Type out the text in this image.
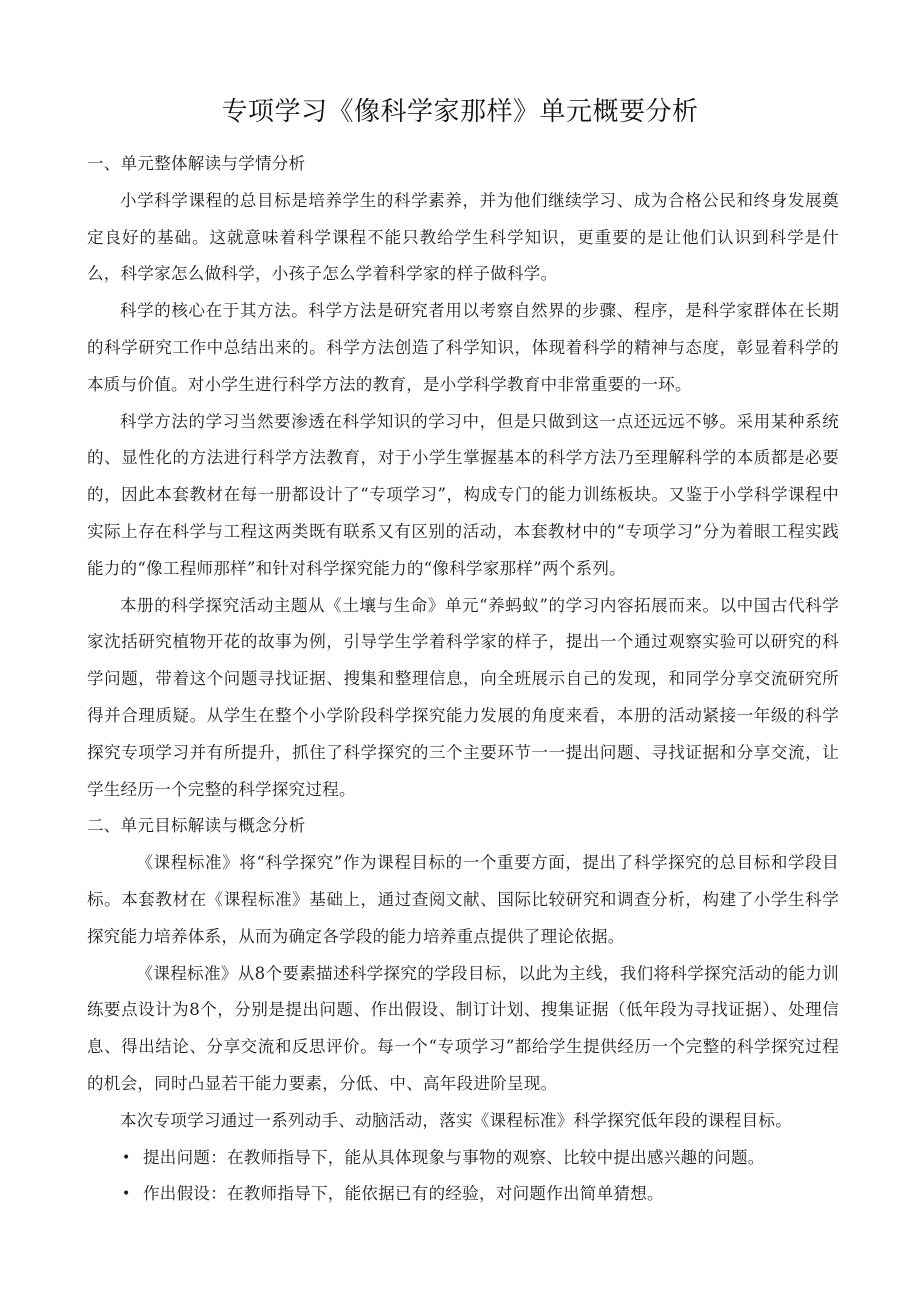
专项学习《像科学家那样》单元概要分析

一、单元整体解读与学情分析

小学科学课程的总目标是培养学生的科学素养，并为他们继续学习、成为合格公民和终身发展奠定良好的基础。这就意味着科学课程不能只教给学生科学知识，更重要的是让他们认识到科学是什么，科学家怎么做科学，小孩子怎么学着科学家的样子做科学。

科学的核心在于其方法。科学方法是研究者用以考察自然界的步骤、程序，是科学家群体在长期的科学研究工作中总结出来的。科学方法创造了科学知识，体现着科学的精神与态度，彰显着科学的本质与价值。对小学生进行科学方法的教育，是小学科学教育中非常重要的一环。

科学方法的学习当然要渗透在科学知识的学习中，但是只做到这一点还远远不够。采用某种系统的、显性化的方法进行科学方法教育，对于小学生掌握基本的科学方法乃至理解科学的本质都是必要的，因此本套教材在每一册都设计了“专项学习”，构成专门的能力训练板块。又鉴于小学科学课程中实际上存在科学与工程这两类既有联系又有区别的活动，本套教材中的“专项学习”分为着眼工程实践能力的“像工程师那样”和针对科学探究能力的“像科学家那样”两个系列。

本册的科学探究活动主题从《土壤与生命》单元“养蚂蚁”的学习内容拓展而来。以中国古代科学家沈括研究植物开花的故事为例，引导学生学着科学家的样子，提出一个通过观察实验可以研究的科学问题，带着这个问题寻找证据、搜集和整理信息，向全班展示自己的发现，和同学分享交流研究所得并合理质疑。从学生在整个小学阶段科学探究能力发展的角度来看，本册的活动紧接一年级的科学探究专项学习并有所提升，抓住了科学探究的三个主要环节一一提出问题、寻找证据和分享交流，让学生经历一个完整的科学探究过程。

二、单元目标解读与概念分析

《课程标准》将“科学探究”作为课程目标的一个重要方面，提出了科学探究的总目标和学段目标。本套教材在《课程标准》基础上，通过查阅文献、国际比较研究和调查分析，构建了小学生科学探究能力培养体系，从而为确定各学段的能力培养重点提供了理论依据。

《课程标准》从8个要素描述科学探究的学段目标，以此为主线，我们将科学探究活动的能力训练要点设计为8个，分别是提出问题、作出假设、制订计划、搜集证据（低年段为寻找证据）、处理信息、得出结论、分享交流和反思评价。每一个“专项学习”都给学生提供经历一个完整的科学探究过程的机会，同时凸显若干能力要素，分低、中、高年段进阶呈现。

本次专项学习通过一系列动手、动脑活动，落实《课程标准》科学探究低年段的课程目标。

• 提出问题：在教师指导下，能从具体现象与事物的观察、比较中提出感兴趣的问题。

• 作出假设：在教师指导下，能依据已有的经验，对问题作出简单猜想。
